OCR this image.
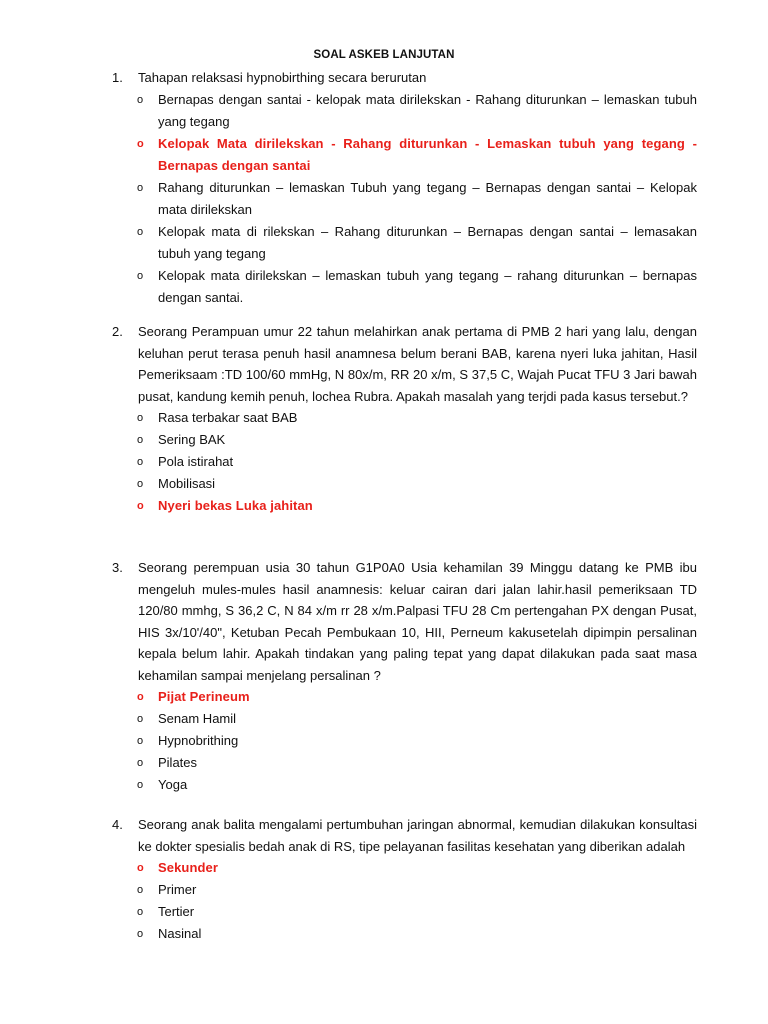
SOAL ASKEB LANJUTAN
1. Tahapan relaksasi hypnobirthing secara berurutan
o Bernapas dengan santai - kelopak mata dirilekskan - Rahang diturunkan – lemaskan tubuh yang tegang
o Kelopak Mata dirilekskan - Rahang diturunkan - Lemaskan tubuh yang tegang - Bernapas dengan santai
o Rahang diturunkan – lemaskan Tubuh yang tegang – Bernapas dengan santai – Kelopak mata dirilekskan
o Kelopak mata di rilekskan – Rahang diturunkan – Bernapas dengan santai – lemasakan tubuh yang tegang
o Kelopak mata dirilekskan – lemaskan tubuh yang tegang – rahang diturunkan – bernapas dengan santai.
2. Seorang Perampuan umur 22 tahun melahirkan anak pertama di PMB 2 hari yang lalu, dengan keluhan perut terasa penuh hasil anamnesa belum berani BAB, karena nyeri luka jahitan, Hasil Pemeriksaam :TD 100/60 mmHg, N 80x/m, RR 20 x/m, S 37,5 C, Wajah Pucat TFU 3 Jari bawah pusat, kandung kemih penuh, lochea Rubra. Apakah masalah yang terjdi pada kasus tersebut.?
o Rasa terbakar saat BAB
o Sering BAK
o Pola istirahat
o Mobilisasi
o Nyeri bekas Luka jahitan
3. Seorang perempuan usia 30 tahun G1P0A0 Usia kehamilan 39 Minggu datang ke PMB ibu mengeluh mules-mules hasil anamnesis: keluar cairan dari jalan lahir.hasil pemeriksaan TD 120/80 mmhg, S 36,2 C, N 84 x/m rr 28 x/m.Palpasi TFU 28 Cm pertengahan PX dengan Pusat, HIS 3x/10'/40", Ketuban Pecah Pembukaan 10, HII, Perneum kakusetelah dipimpin persalinan kepala belum lahir. Apakah tindakan yang paling tepat yang dapat dilakukan pada saat masa kehamilan sampai menjelang persalinan ?
o Pijat Perineum
o Senam Hamil
o Hypnobrithing
o Pilates
o Yoga
4. Seorang anak balita mengalami pertumbuhan jaringan abnormal, kemudian dilakukan konsultasi ke dokter spesialis bedah anak di RS, tipe pelayanan fasilitas kesehatan yang diberikan adalah
o Sekunder
o Primer
o Tertier
o Nasinal
